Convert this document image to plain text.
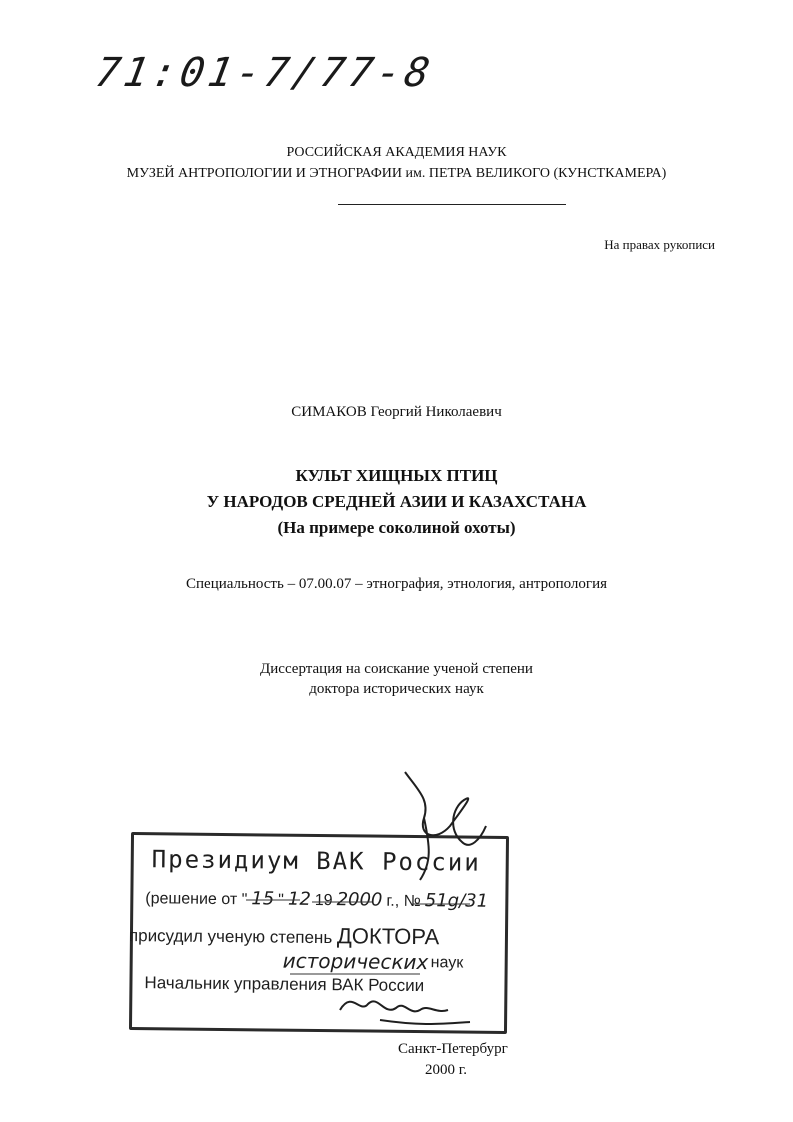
71:01-7/77-8
РОССИЙСКАЯ АКАДЕМИЯ НАУК
МУЗЕЙ АНТРОПОЛОГИИ И ЭТНОГРАФИИ им. ПЕТРА ВЕЛИКОГО (КУНСТКАМЕРА)
На правах рукописи
СИМАКОВ Георгий Николаевич
КУЛЬТ ХИЩНЫХ ПТИЦ
У НАРОДОВ СРЕДНЕЙ АЗИИ И КАЗАХСТАНА
(На примере соколиной охоты)
Специальность – 07.00.07 – этнография, этнология, антропология
Диссертация на соискание ученой степени
доктора исторических наук
Президиум ВАК России
(решение от " 15 " 12 19 2000 г., № 51g/31
присудил ученую степень ДОКТОРА
исторических наук
Начальник управления ВАК России
Санкт-Петербург
2000 г.
